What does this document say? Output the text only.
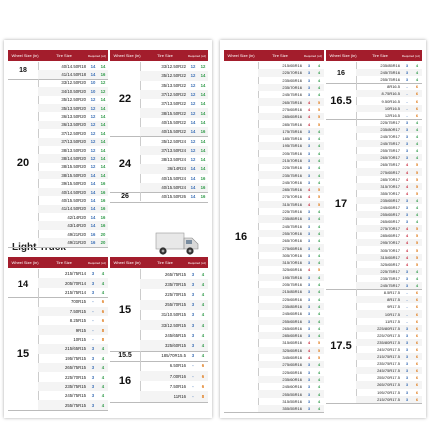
Wheel Size (in)	Tire Size	Required (oz)	Wheel Size (in)	Tire Size	Required (oz)
Wheel Size (in)	Tire Size	Required (oz)	Wheel Size (in)	Tire Size	Required (oz)
18
40/14.50R18	14	14
41/14.50R18	14	16
20
33/12.50R20	10	12
34/10.50R20	10	12
35/12.50R20	12	14
35/13.50R20	12	14
36/13.50R20	12	14
36/13.50R20	12	14
37/12.50R20	12	14
37/13.50R20	12	14
38/13.50R20	12	14
38/14.50R20	12	14
38/15.50R20	12	14
38/15.50R20	14	14
39/15.50R20	14	16
40/14.50R20	14	16
40/15.50R20	14	16
41/14.50R20	14	16
42/14R20	14	16
43/14R20	14	16
49/21R20	16	20
49/21R20	16	20
22
33/12.50R22	12	12
35/12.50R22	12	14
35/13.50R22	12	14
37/12.50R22	12	14
37/13.50R22	12	14
38/15.50R22	12	14
40/15.50R22	14	14
40/15.50R22	14	16
24
35/12.50R24	12	14
37/13.50R24	12	14
38/13.50R24	12	14
36/14R24	14	14
40/15.50R24	14	16
40/15.50R24	14	16
26	40/15.50R26	14	16
14
215/75R14	3	4
205/70R14	3	4
215/75R14	3	4
15
700R15	-	6
7.50R15	-	6
8.25R15	-	6
9R15	-	8
10R15	-	8
215/65R15	3	4
195/75R15	3	4
265/75R15	3	4
225/70R15	3	4
235/75R15	3	4
245/75R15	3	4
255/75R15	3	4
15
265/75R15	3	4
235/70R15	3	4
225/70R15	3	4
255/70R15	3	4
31/10.50R15	3	4
33/12.50R15	3	4
245/65R15	3	4
325/60R15	3	4
15.5	185/70R15.5	3	4
16
6.50R16	-	6
7.00R16	-	6
7.50R16	-	6
11R16	-	8
Wheel Size (in)	Tire Size	Required (oz)	Wheel Size (in)	Tire Size	Required (oz)
16
215/65R16	3	4
225/70R16	3	4
235/65R16	3	4
235/70R16	3	4
245/75R16	3	4
265/75R16	4	5
275/65R16	4	5
285/65R16	4	5
285/75R16	4	5
175/75R16	3	4
185/75R16	3	4
195/75R16	3	4
205/75R16	3	4
215/70R16	3	4
225/75R16	3	4
235/75R16	3	4
245/70R16	3	4
285/75R16	4	5
275/70R16	4	5
315/75R16	4	5
225/75R16	3	4
235/85R16	3	4
245/75R16	3	4
255/70R16	3	4
265/70R16	3	4
275/65R16	3	4
305/70R16	3	4
315/70R16	3	4
325/65R16	4	5
195/75R16	3	4
205/75R16	3	4
215/85R16	3	4
225/65R16	3	4
235/85R16	3	4
245/65R16	3	4
255/65R16	3	4
265/65R16	3	4
285/65R16	3	4
315/65R16	4	5
325/65R16	4	5
345/65R16	4	5
275/65R16	3	4
225/65R16	3	4
235/60R16	3	4
245/60R16	3	4
255/55R16	3	4
315/55R16	3	4
355/55R16	3	4
16
235/85R16	3	4
245/75R16	3	4
255/75R16	3	4
16.5
8R16.5	-	6
8.75R16.5	-	6
9.50R16.5	-	6
10R16.5	-	6
12R16.5	-	6
17
225/75R17	3	4
235/80R17	3	4
245/70R17	3	4
245/75R17	3	4
255/75R17	3	4
265/70R17	3	4
265/75R17	4	5
275/65R17	4	5
285/70R17	4	5
315/70R17	4	5
355/70R17	4	5
235/65R17	3	4
245/65R17	3	4
255/65R17	3	4
265/65R17	3	4
275/70R17	4	5
285/65R17	4	5
295/70R17	4	5
305/70R17	4	5
315/65R17	4	5
325/65R17	4	5
225/75R17	3	4
235/75R17	3	4
245/75R17	3	4
17.5
8.5R17.5	-	6
8R17.5	-	6
9R17.5	-	6
10R17.5	-	6
11R17.5	-	6
225/80R17.5	3	6
225/70R17.5	3	6
235/80R17.5	3	6
245/70R17.5	3	6
215/75R17.5	3	6
235/75R17.5	3	6
245/75R17.5	3	6
255/70R17.5	3	6
265/70R17.5	3	6
195/70R17.5	3	6
215/70R17.5	3	6
